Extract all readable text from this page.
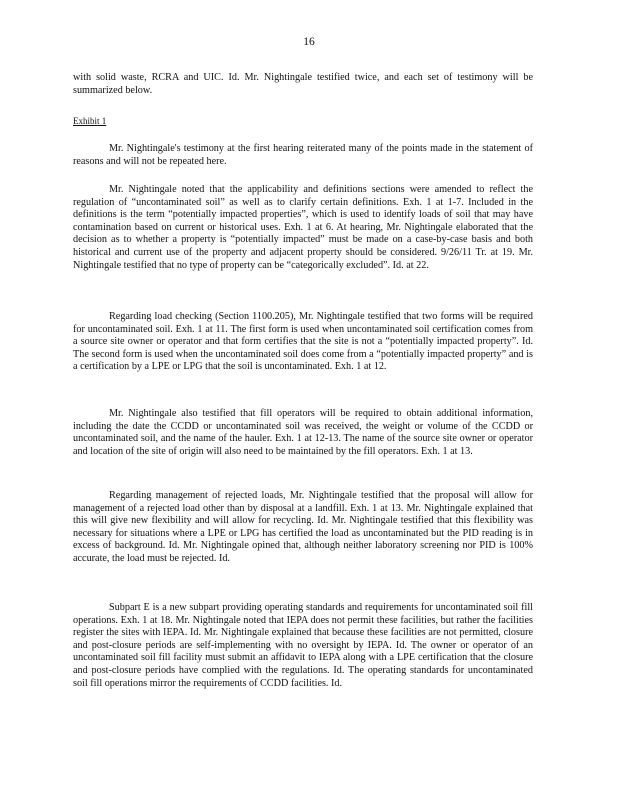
16

with solid waste, RCRA and UIC. Id. Mr. Nightingale testified twice, and each set of testimony will be summarized below.

Exhibit 1

Mr. Nightingale's testimony at the first hearing reiterated many of the points made in the statement of reasons and will not be repeated here.

Mr. Nightingale noted that the applicability and definitions sections were amended to reflect the regulation of “uncontaminated soil” as well as to clarify certain definitions. Exh. 1 at 1-7. Included in the definitions is the term “potentially impacted properties”, which is used to identify loads of soil that may have contamination based on current or historical uses. Exh. 1 at 6. At hearing, Mr. Nightingale elaborated that the decision as to whether a property is “potentially impacted” must be made on a case-by-case basis and both historical and current use of the property and adjacent property should be considered. 9/26/11 Tr. at 19. Mr. Nightingale testified that no type of property can be “categorically excluded”. Id. at 22.

Regarding load checking (Section 1100.205), Mr. Nightingale testified that two forms will be required for uncontaminated soil. Exh. 1 at 11. The first form is used when uncontaminated soil certification comes from a source site owner or operator and that form certifies that the site is not a “potentially impacted property”. Id. The second form is used when the uncontaminated soil does come from a “potentially impacted property” and is a certification by a LPE or LPG that the soil is uncontaminated. Exh. 1 at 12.

Mr. Nightingale also testified that fill operators will be required to obtain additional information, including the date the CCDD or uncontaminated soil was received, the weight or volume of the CCDD or uncontaminated soil, and the name of the hauler. Exh. 1 at 12-13. The name of the source site owner or operator and location of the site of origin will also need to be maintained by the fill operators. Exh. 1 at 13.

Regarding management of rejected loads, Mr. Nightingale testified that the proposal will allow for management of a rejected load other than by disposal at a landfill. Exh. 1 at 13. Mr. Nightingale explained that this will give new flexibility and will allow for recycling. Id. Mr. Nightingale testified that this flexibility was necessary for situations where a LPE or LPG has certified the load as uncontaminated but the PID reading is in excess of background. Id. Mr. Nightingale opined that, although neither laboratory screening nor PID is 100% accurate, the load must be rejected. Id.

Subpart E is a new subpart providing operating standards and requirements for uncontaminated soil fill operations. Exh. 1 at 18. Mr. Nightingale noted that IEPA does not permit these facilities, but rather the facilities register the sites with IEPA. Id. Mr. Nightingale explained that because these facilities are not permitted, closure and post-closure periods are self-implementing with no oversight by IEPA. Id. The owner or operator of an uncontaminated soil fill facility must submit an affidavit to IEPA along with a LPE certification that the closure and post-closure periods have complied with the regulations. Id. The operating standards for uncontaminated soil fill operations mirror the requirements of CCDD facilities. Id.
